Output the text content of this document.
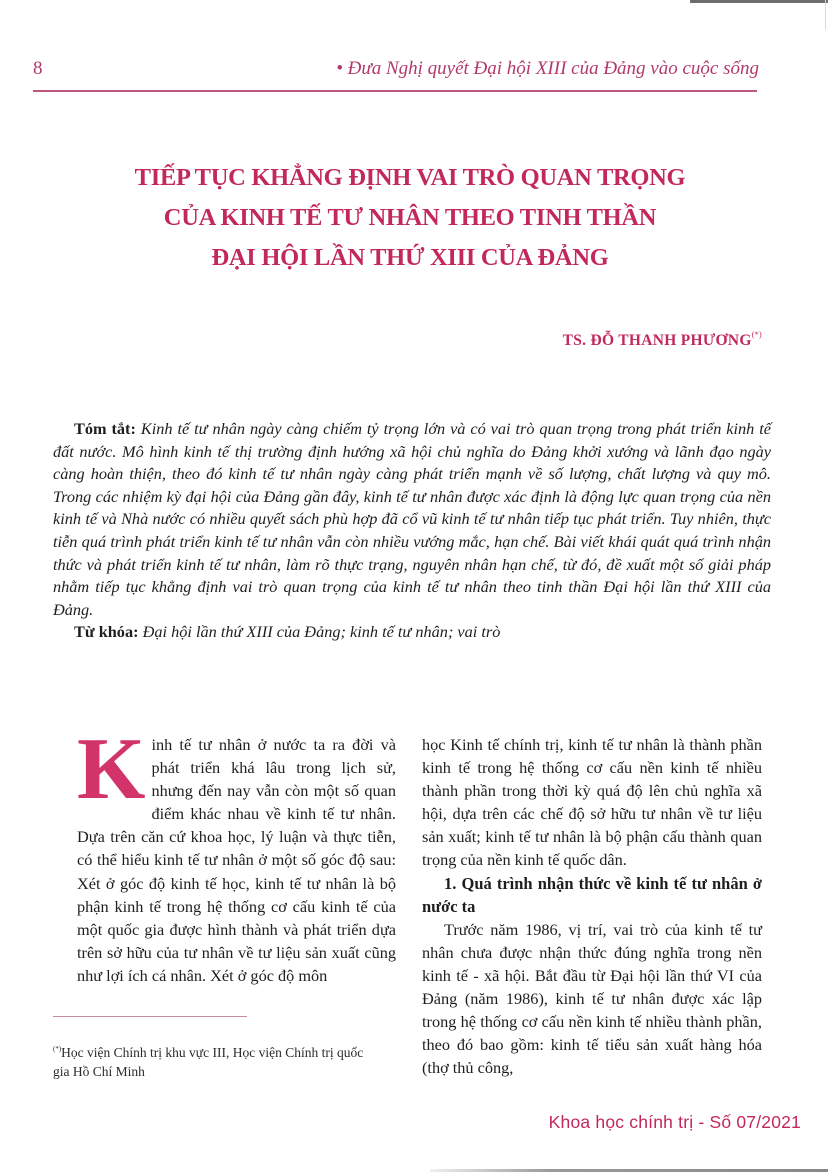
8	• Đưa Nghị quyết Đại hội XIII của Đảng vào cuộc sống
TIẾP TỤC KHẲNG ĐỊNH VAI TRÒ QUAN TRỌNG
CỦA KINH TẾ TƯ NHÂN THEO TINH THẦN
ĐẠI HỘI LẦN THỨ XIII CỦA ĐẢNG
TS. ĐỖ THANH PHƯƠNG(*)

Tóm tắt: Kinh tế tư nhân ngày càng chiếm tỷ trọng lớn và có vai trò quan trọng trong phát triển kinh tế đất nước. Mô hình kinh tế thị trường định hướng xã hội chủ nghĩa do Đảng khởi xướng và lãnh đạo ngày càng hoàn thiện, theo đó kinh tế tư nhân ngày càng phát triển mạnh về số lượng, chất lượng và quy mô. Trong các nhiệm kỳ đại hội của Đảng gần đây, kinh tế tư nhân được xác định là động lực quan trọng của nền kinh tế và Nhà nước có nhiều quyết sách phù hợp đã cổ vũ kinh tế tư nhân tiếp tục phát triển. Tuy nhiên, thực tiễn quá trình phát triển kinh tế tư nhân vẫn còn nhiều vướng mắc, hạn chế. Bài viết khái quát quá trình nhận thức và phát triển kinh tế tư nhân, làm rõ thực trạng, nguyên nhân hạn chế, từ đó, đề xuất một số giải pháp nhằm tiếp tục khẳng định vai trò quan trọng của kinh tế tư nhân theo tinh thần Đại hội lần thứ XIII của Đảng.

Từ khóa: Đại hội lần thứ XIII của Đảng; kinh tế tư nhân; vai trò

Kinh tế tư nhân ở nước ta ra đời và phát triển khá lâu trong lịch sử, nhưng đến nay vẫn còn một số quan điểm khác nhau về kinh tế tư nhân. Dựa trên căn cứ khoa học, lý luận và thực tiễn, có thể hiểu kinh tế tư nhân ở một số góc độ sau: Xét ở góc độ kinh tế học, kinh tế tư nhân là bộ phận kinh tế trong hệ thống cơ cấu kinh tế của một quốc gia được hình thành và phát triển dựa trên sở hữu của tư nhân về tư liệu sản xuất cũng như lợi ích cá nhân. Xét ở góc độ môn

học Kinh tế chính trị, kinh tế tư nhân là thành phần kinh tế trong hệ thống cơ cấu nền kinh tế nhiều thành phần trong thời kỳ quá độ lên chủ nghĩa xã hội, dựa trên các chế độ sở hữu tư nhân về tư liệu sản xuất; kinh tế tư nhân là bộ phận cấu thành quan trọng của nền kinh tế quốc dân.

1. Quá trình nhận thức về kinh tế tư nhân ở nước ta

Trước năm 1986, vị trí, vai trò của kinh tế tư nhân chưa được nhận thức đúng nghĩa trong nền kinh tế - xã hội. Bắt đầu từ Đại hội lần thứ VI của Đảng (năm 1986), kinh tế tư nhân được xác lập trong hệ thống cơ cấu nền kinh tế nhiều thành phần, theo đó bao gồm: kinh tế tiểu sản xuất hàng hóa (thợ thủ công,

(*)Học viện Chính trị khu vực III, Học viện Chính trị quốc gia Hồ Chí Minh
Khoa học chính trị - Số 07/2021
